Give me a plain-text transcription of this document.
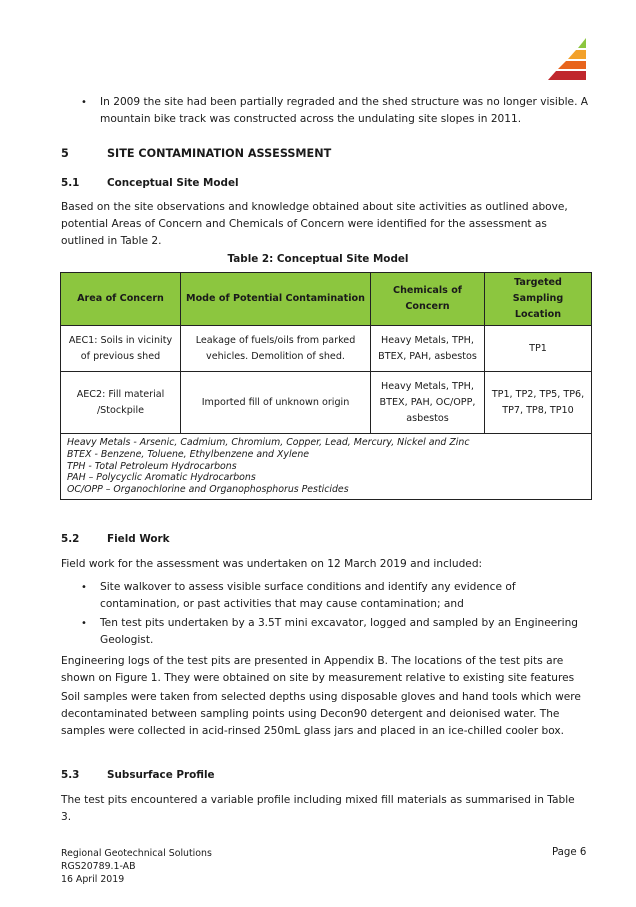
• In 2009 the site had been partially regraded and the shed structure was no longer visible. A mountain bike track was constructed across the undulating site slopes in 2011.
5	SITE CONTAMINATION ASSESSMENT
5.1	Conceptual Site Model
Based on the site observations and knowledge obtained about site activities as outlined above, potential Areas of Concern and Chemicals of Concern were identified for the assessment as outlined in Table 2.
Table 2: Conceptual Site Model
Area of Concern	Mode of Potential Contamination	Chemicals of Concern	Targeted Sampling Location
AEC1: Soils in vicinity of previous shed	Leakage of fuels/oils from parked vehicles. Demolition of shed.	Heavy Metals, TPH, BTEX, PAH, asbestos	TP1
AEC2: Fill material /Stockpile	Imported fill of unknown origin	Heavy Metals, TPH, BTEX, PAH, OC/OPP, asbestos	TP1, TP2, TP5, TP6, TP7, TP8, TP10

Heavy Metals - Arsenic, Cadmium, Chromium, Copper, Lead, Mercury, Nickel and Zinc
BTEX - Benzene, Toluene, Ethylbenzene and Xylene
TPH - Total Petroleum Hydrocarbons
PAH – Polycyclic Aromatic Hydrocarbons
OC/OPP – Organochlorine and Organophosphorus Pesticides			
5.2	Field Work
Field work for the assessment was undertaken on 12 March 2019 and included:
• Site walkover to assess visible surface conditions and identify any evidence of contamination, or past activities that may cause contamination; and
• Ten test pits undertaken by a 3.5T mini excavator, logged and sampled by an Engineering Geologist.
Engineering logs of the test pits are presented in Appendix B. The locations of the test pits are shown on Figure 1. They were obtained on site by measurement relative to existing site features
Soil samples were taken from selected depths using disposable gloves and hand tools which were decontaminated between sampling points using Decon90 detergent and deionised water. The samples were collected in acid-rinsed 250mL glass jars and placed in an ice-chilled cooler box.
5.3	Subsurface Profile
The test pits encountered a variable profile including mixed fill materials as summarised in Table 3.
Regional Geotechnical Solutions
RGS20789.1-AB
16 April 2019
Page 6
